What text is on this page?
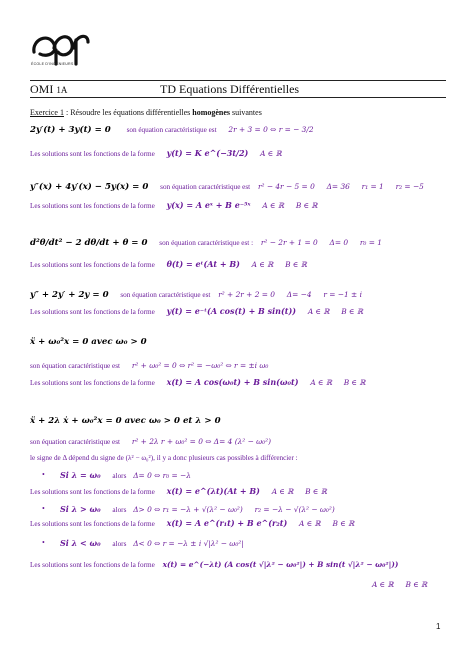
ÉCOLE D'INGÉNIEURS
OMI 1A	TD Equations Différentielles
Exercice 1 : Résoudre les équations différentielles homogènes suivantes
2y′(t) + 3y(t) = 0 son équation caractéristique est 2r + 3 = 0 ⇔ r = − 3/2
Les solutions sont les fonctions de la forme y(t) = K e^(−3t/2) A ∈ ℝ
y″(x) + 4y′(x) − 5y(x) = 0 son équation caractéristique est r² − 4r − 5 = 0 Δ= 36 r₁ = 1 r₂ = −5
Les solutions sont les fonctions de la forme y(x) = A eˣ + B e⁻⁵ˣ A ∈ ℝ B ∈ ℝ
d²θ/dt² − 2 dθ/dt + θ = 0 son équation caractéristique est : r² − 2r + 1 = 0 Δ= 0 r₀ = 1
Les solutions sont les fonctions de la forme θ(t) = eᵗ(At + B) A ∈ ℝ B ∈ ℝ
y″ + 2y′ + 2y = 0 son équation caractéristique est r² + 2r + 2 = 0 Δ= −4 r = −1 ± i
Les solutions sont les fonctions de la forme y(t) = e⁻ᵗ(A cos(t) + B sin(t)) A ∈ ℝ B ∈ ℝ
ẍ + ω₀²x = 0 avec ω₀ > 0
son équation caractéristique est r² + ω₀² = 0 ⇔ r² = −ω₀² ⇔ r = ±i ω₀
Les solutions sont les fonctions de la forme x(t) = A cos(ω₀t) + B sin(ω₀t) A ∈ ℝ B ∈ ℝ
ẍ + 2λ ẋ + ω₀²x = 0 avec ω₀ > 0 et λ > 0
son équation caractéristique est r² + 2λ r + ω₀² = 0 ⇔ Δ= 4 (λ² − ω₀²)
le signe de Δ dépend du signe de (λ² − ω₀²), il y a donc plusieurs cas possibles à différencier :
• Si λ = ω₀ alors Δ= 0 ⇔ r₀ = −λ
Les solutions sont les fonctions de la forme x(t) = e^(λt)(At + B) A ∈ ℝ B ∈ ℝ
• Si λ > ω₀ alors Δ> 0 ⇔ r₁ = −λ + √(λ² − ω₀²) r₂ = −λ − √(λ² − ω₀²)
Les solutions sont les fonctions de la forme x(t) = A e^(r₁t) + B e^(r₂t) A ∈ ℝ B ∈ ℝ
• Si λ < ω₀ alors Δ< 0 ⇔ r = −λ ± i √|λ² − ω₀²|
Les solutions sont les fonctions de la forme x(t) = e^(−λt) (A cos(t √|λ² − ω₀²|) + B sin(t √|λ² − ω₀²|))
A ∈ ℝ B ∈ ℝ
1
